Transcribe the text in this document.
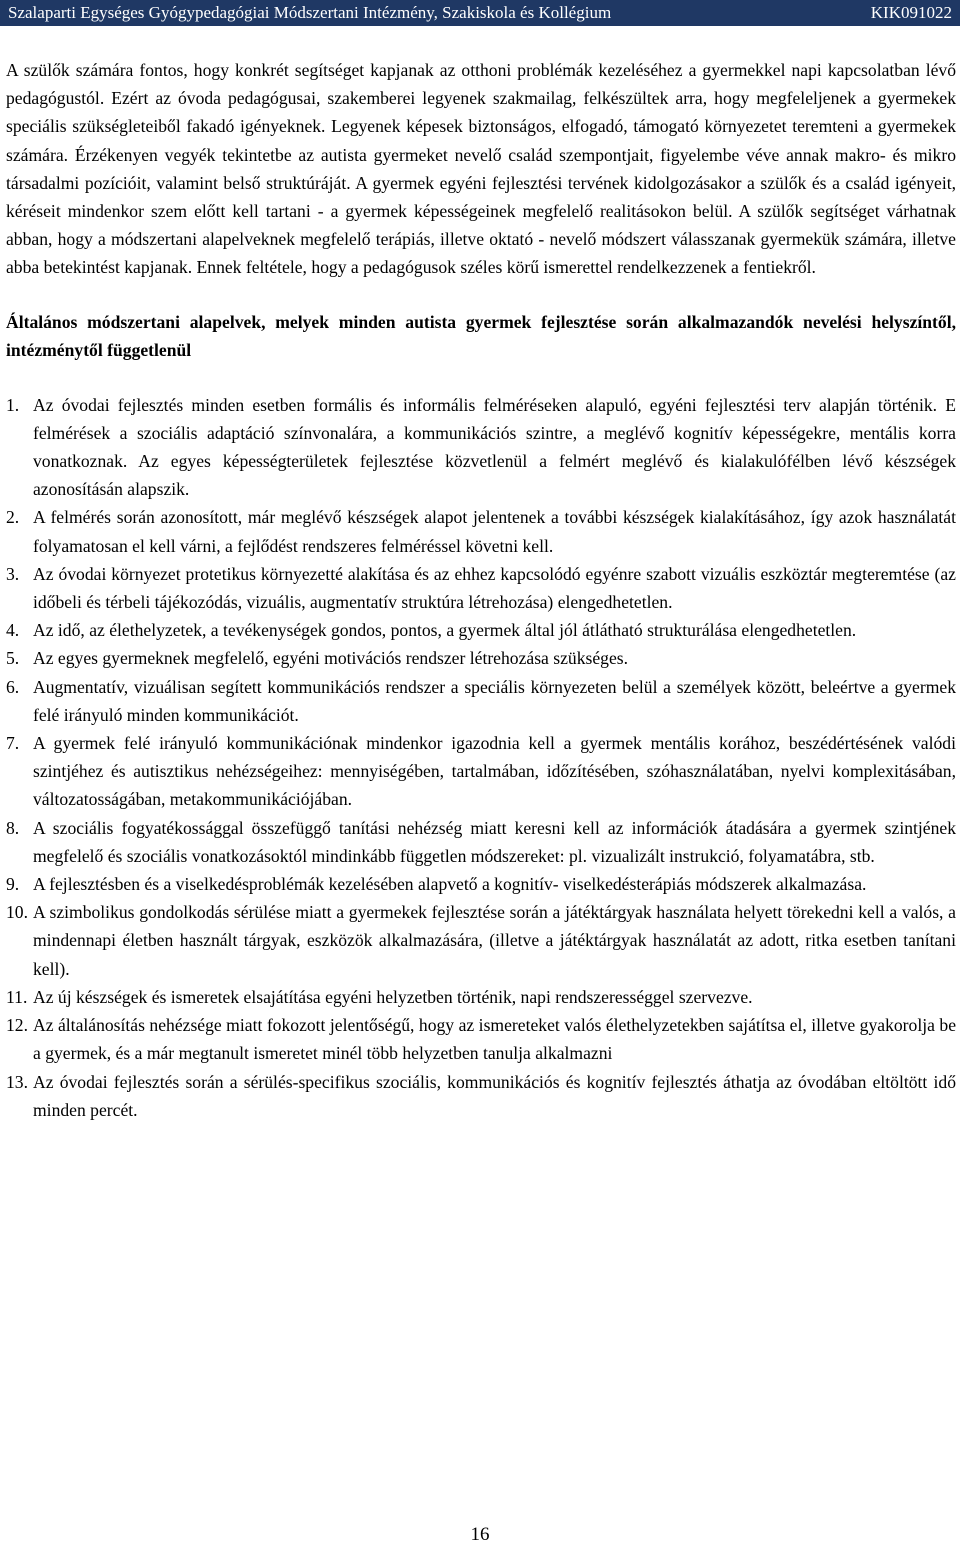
Szalaparti Egységes Gyógypedagógiai Módszertani Intézmény, Szakiskola és Kollégium	KIK091022

A szülők számára fontos, hogy konkrét segítséget kapjanak az otthoni problémák kezeléséhez a gyermekkel napi kapcsolatban lévő pedagógustól. Ezért az óvoda pedagógusai, szakemberei legyenek szakmailag, felkészültek arra, hogy megfeleljenek a gyermekek speciális szükségleteiből fakadó igényeknek. Legyenek képesek biztonságos, elfogadó, támogató környezetet teremteni a gyermekek számára. Érzékenyen vegyék tekintetbe az autista gyermeket nevelő család szempontjait, figyelembe véve annak makro- és mikro társadalmi pozícióit, valamint belső struktúráját. A gyermek egyéni fejlesztési tervének kidolgozásakor a szülők és a család igényeit, kéréseit mindenkor szem előtt kell tartani - a gyermek képességeinek megfelelő realitásokon belül. A szülők segítséget várhatnak abban, hogy a módszertani alapelveknek megfelelő terápiás, illetve oktató - nevelő módszert válasszanak gyermekük számára, illetve abba betekintést kapjanak. Ennek feltétele, hogy a pedagógusok széles körű ismerettel rendelkezzenek a fentiekről.

Általános módszertani alapelvek, melyek minden autista gyermek fejlesztése során alkalmazandók nevelési helyszíntől, intézménytől függetlenül

1. Az óvodai fejlesztés minden esetben formális és informális felméréseken alapuló, egyéni fejlesztési terv alapján történik. E felmérések a szociális adaptáció színvonalára, a kommunikációs szintre, a meglévő kognitív képességekre, mentális korra vonatkoznak. Az egyes képességterületek fejlesztése közvetlenül a felmért meglévő és kialakulófélben lévő készségek azonosításán alapszik.
2. A felmérés során azonosított, már meglévő készségek alapot jelentenek a további készségek kialakításához, így azok használatát folyamatosan el kell várni, a fejlődést rendszeres felméréssel követni kell.
3. Az óvodai környezet protetikus környezetté alakítása és az ehhez kapcsolódó egyénre szabott vizuális eszköztár megteremtése (az időbeli és térbeli tájékozódás, vizuális, augmentatív struktúra létrehozása) elengedhetetlen.
4. Az idő, az élethelyzetek, a tevékenységek gondos, pontos, a gyermek által jól átlátható strukturálása elengedhetetlen.
5. Az egyes gyermeknek megfelelő, egyéni motivációs rendszer létrehozása szükséges.
6. Augmentatív, vizuálisan segített kommunikációs rendszer a speciális környezeten belül a személyek között, beleértve a gyermek felé irányuló minden kommunikációt.
7. A gyermek felé irányuló kommunikációnak mindenkor igazodnia kell a gyermek mentális korához, beszédértésének valódi szintjéhez és autisztikus nehézségeihez: mennyiségében, tartalmában, időzítésében, szóhasználatában, nyelvi komplexitásában, változatosságában, metakommunikációjában.
8. A szociális fogyatékossággal összefüggő tanítási nehézség miatt keresni kell az információk átadására a gyermek szintjének megfelelő és szociális vonatkozásoktól mindinkább független módszereket: pl. vizualizált instrukció, folyamatábra, stb.
9. A fejlesztésben és a viselkedésproblémák kezelésében alapvető a kognitív- viselkedésterápiás módszerek alkalmazása.
10. A szimbolikus gondolkodás sérülése miatt a gyermekek fejlesztése során a játéktárgyak használata helyett törekedni kell a valós, a mindennapi életben használt tárgyak, eszközök alkalmazására, (illetve a játéktárgyak használatát az adott, ritka esetben tanítani kell).
11. Az új készségek és ismeretek elsajátítása egyéni helyzetben történik, napi rendszerességgel szervezve.
12. Az általánosítás nehézsége miatt fokozott jelentőségű, hogy az ismereteket valós élethelyzetekben sajátítsa el, illetve gyakorolja be a gyermek, és a már megtanult ismeretet minél több helyzetben tanulja alkalmazni
13. Az óvodai fejlesztés során a sérülés-specifikus szociális, kommunikációs és kognitív fejlesztés áthatja az óvodában eltöltött idő minden percét.
16
